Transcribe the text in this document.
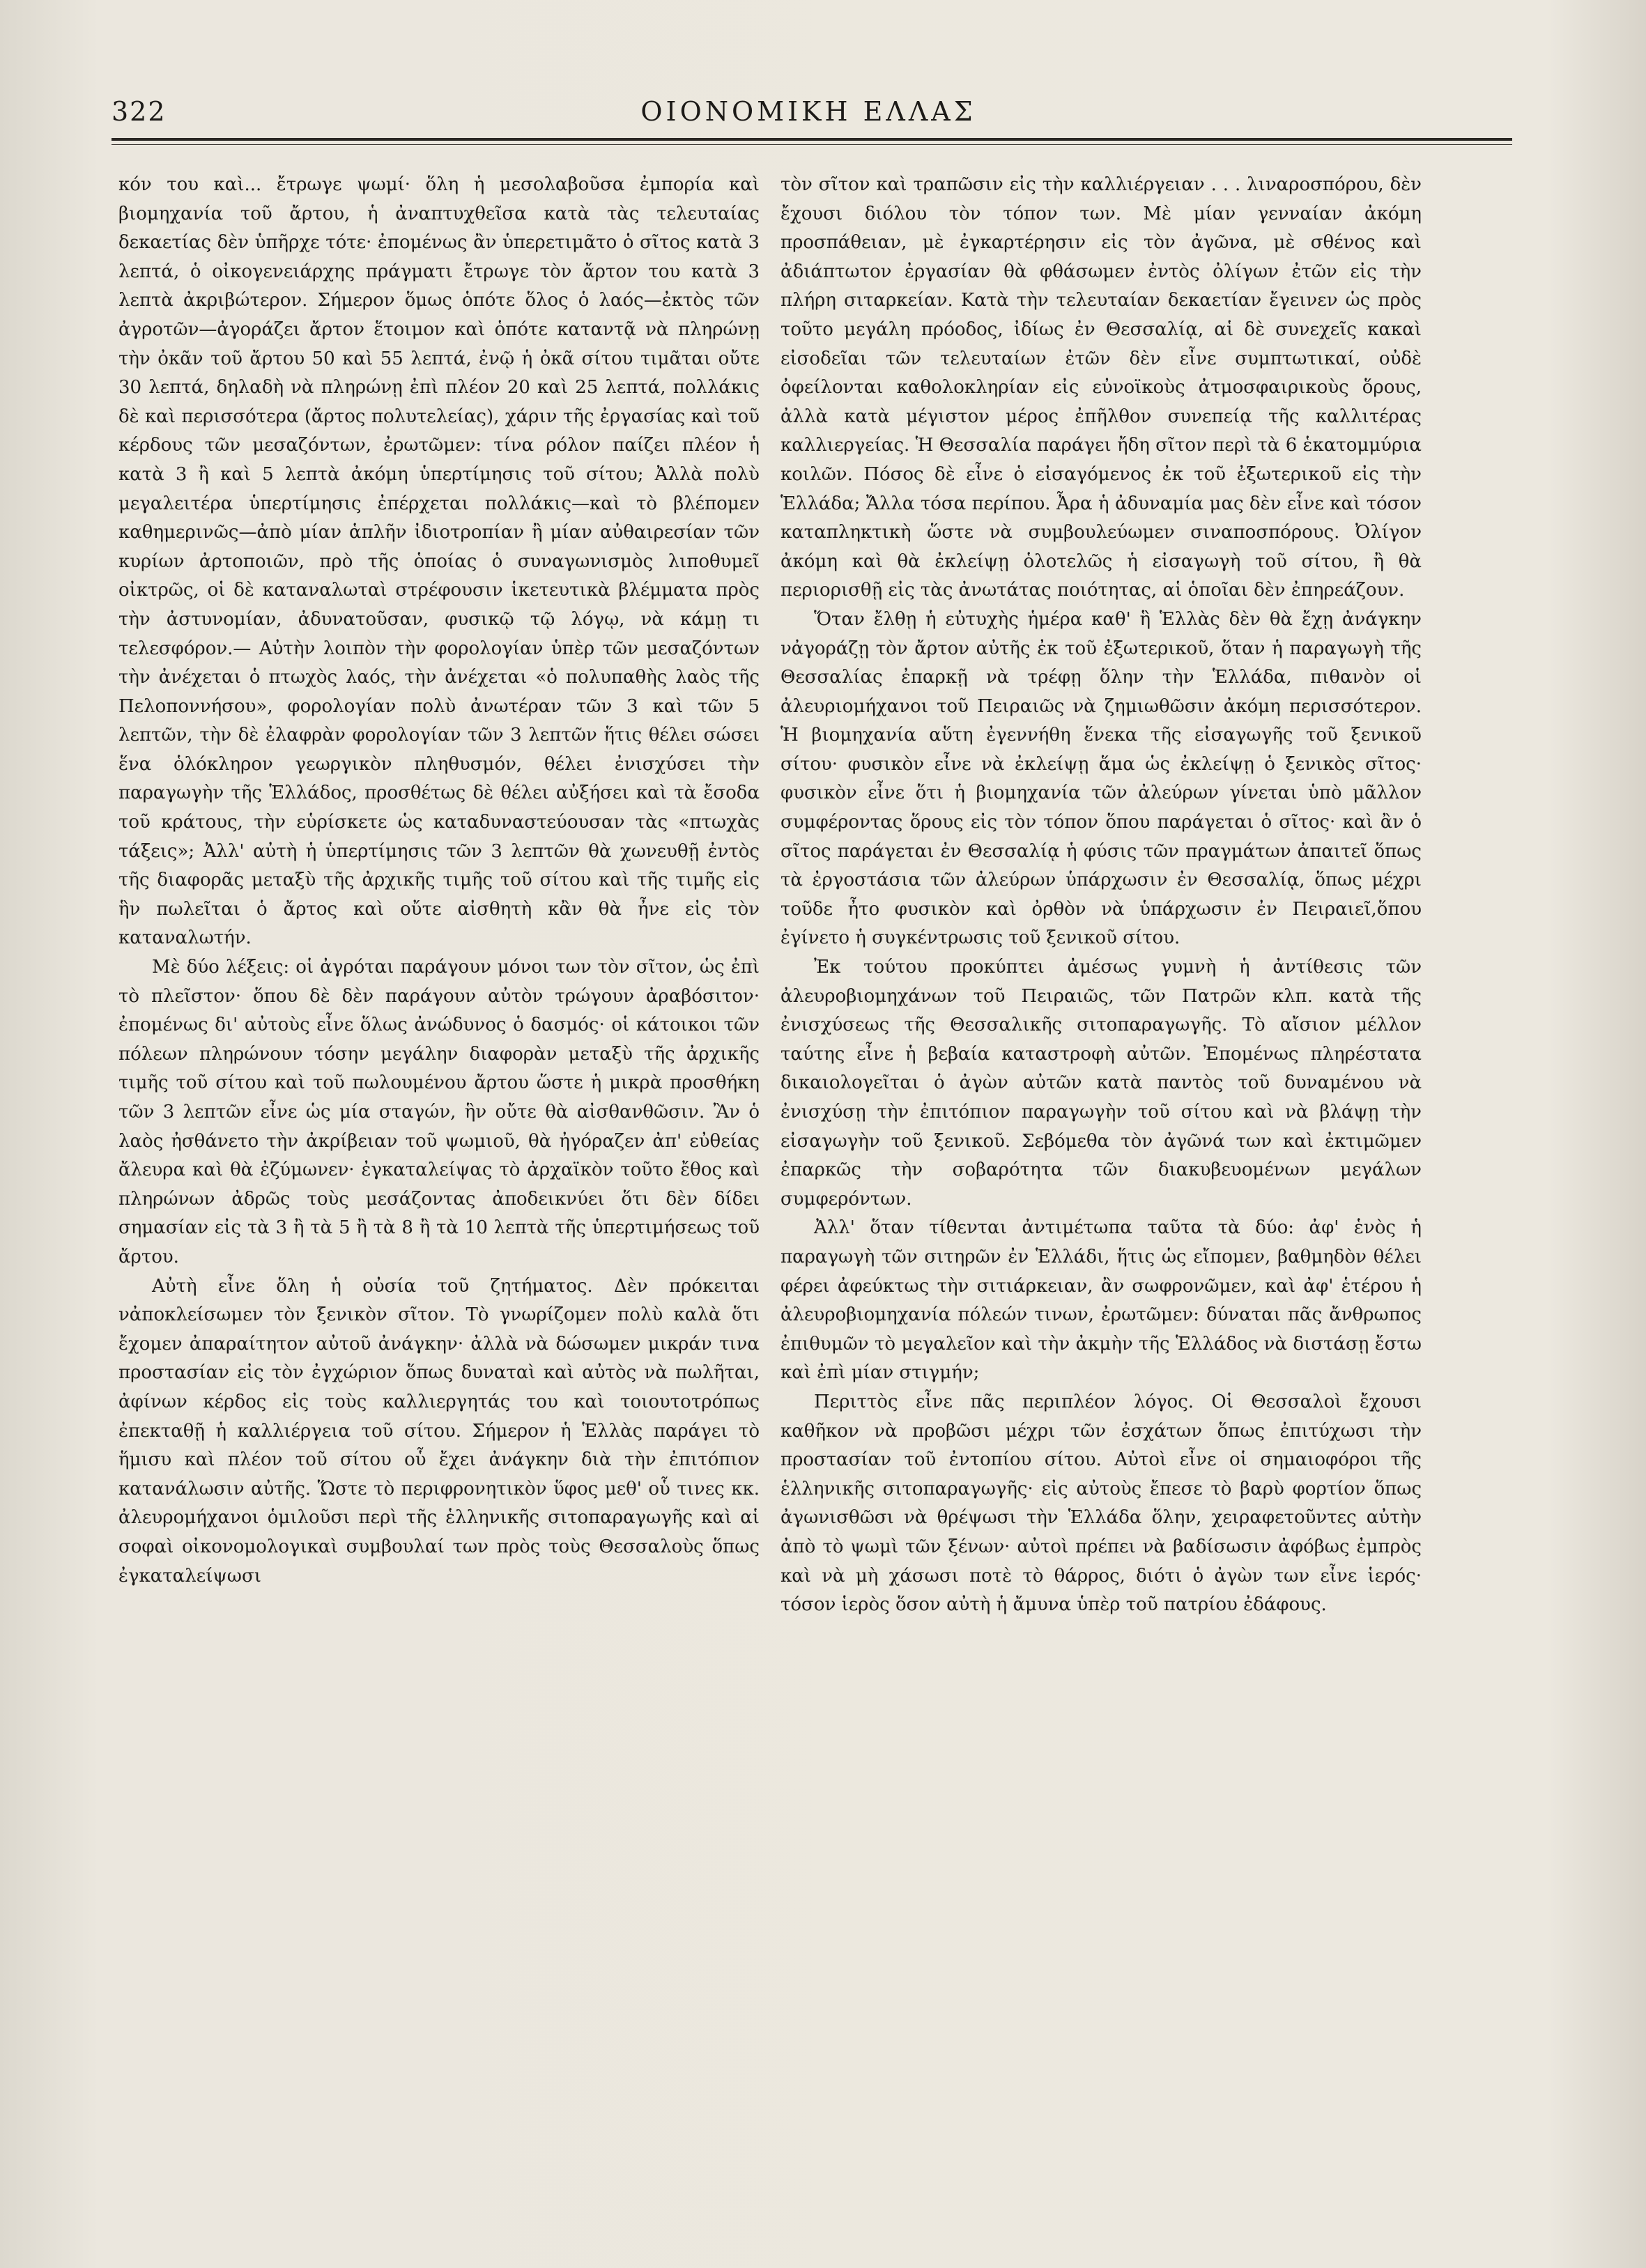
322	ΟΙΟΝΟΜΙΚΗ ΕΛΛΑΣ

κόν του καὶ... ἔτρωγε ψωμί· ὅλη ἡ μεσολαβοῦσα ἐμπορία καὶ βιομηχανία τοῦ ἄρτου, ἡ ἀναπτυχθεῖσα κατὰ τὰς τελευταίας δεκαετίας δὲν ὑπῆρχε τότε· ἐπομένως ἂν ὑπερετιμᾶτο ὁ σῖτος κατὰ 3 λεπτά, ὁ οἰκογενειάρχης πράγματι ἔτρωγε τὸν ἄρτον του κατὰ 3 λεπτὰ ἀκριβώτερον. Σήμερον ὅμως ὁπότε ὅλος ὁ λαός—ἐκτὸς τῶν ἀγροτῶν—ἀγοράζει ἄρτον ἕτοιμον καὶ ὁπότε καταντᾷ νὰ πληρώνῃ τὴν ὀκᾶν τοῦ ἄρτου 50 καὶ 55 λεπτά, ἐνῷ ἡ ὀκᾶ σίτου τιμᾶται οὔτε 30 λεπτά, δηλαδὴ νὰ πληρώνῃ ἐπὶ πλέον 20 καὶ 25 λεπτά, πολλάκις δὲ καὶ περισσότερα (ἄρτος πολυτελείας), χάριν τῆς ἐργασίας καὶ τοῦ κέρδους τῶν μεσαζόντων, ἐρωτῶμεν: τίνα ρόλον παίζει πλέον ἡ κατὰ 3 ἢ καὶ 5 λεπτὰ ἀκόμη ὑπερτίμησις τοῦ σίτου; Ἀλλὰ πολὺ μεγαλειτέρα ὑπερτίμησις ἐπέρχεται πολλάκις—καὶ τὸ βλέπομεν καθημερινῶς—ἀπὸ μίαν ἁπλῆν ἰδιοτροπίαν ἢ μίαν αὐθαιρεσίαν τῶν κυρίων ἀρτοποιῶν, πρὸ τῆς ὁποίας ὁ συναγωνισμὸς λιποθυμεῖ οἰκτρῶς, οἱ δὲ καταναλωταὶ στρέφουσιν ἱκετευτικὰ βλέμματα πρὸς τὴν ἀστυνομίαν, ἀδυνατοῦσαν, φυσικῷ τῷ λόγῳ, νὰ κάμῃ τι τελεσφόρον.— Αὐτὴν λοιπὸν τὴν φορολογίαν ὑπὲρ τῶν μεσαζόντων τὴν ἀνέχεται ὁ πτωχὸς λαός, τὴν ἀνέχεται «ὁ πολυπαθὴς λαὸς τῆς Πελοποννήσου», φορολογίαν πολὺ ἀνωτέραν τῶν 3 καὶ τῶν 5 λεπτῶν, τὴν δὲ ἐλαφρὰν φορολογίαν τῶν 3 λεπτῶν ἥτις θέλει σώσει ἕνα ὁλόκληρον γεωργικὸν πληθυσμόν, θέλει ἐνισχύσει τὴν παραγωγὴν τῆς Ἑλλάδος, προσθέτως δὲ θέλει αὐξήσει καὶ τὰ ἔσοδα τοῦ κράτους, τὴν εὑρίσκετε ὡς καταδυναστεύουσαν τὰς «πτωχὰς τάξεις»; Ἀλλ' αὐτὴ ἡ ὑπερτίμησις τῶν 3 λεπτῶν θὰ χωνευθῇ ἐντὸς τῆς διαφορᾶς μεταξὺ τῆς ἀρχικῆς τιμῆς τοῦ σίτου καὶ τῆς τιμῆς εἰς ἣν πωλεῖται ὁ ἄρτος καὶ οὔτε αἰσθητὴ κἂν θὰ ἦνε εἰς τὸν καταναλωτήν.

Μὲ δύο λέξεις: οἱ ἀγρόται παράγουν μόνοι των τὸν σῖτον, ὡς ἐπὶ τὸ πλεῖστον· ὅπου δὲ δὲν παράγουν αὐτὸν τρώγουν ἀραβόσιτον· ἐπομένως δι' αὐτοὺς εἶνε ὅλως ἀνώδυνος ὁ δασμός· οἱ κάτοικοι τῶν πόλεων πληρώνουν τόσην μεγάλην διαφορὰν μεταξὺ τῆς ἀρχικῆς τιμῆς τοῦ σίτου καὶ τοῦ πωλουμένου ἄρτου ὥστε ἡ μικρὰ προσθήκη τῶν 3 λεπτῶν εἶνε ὡς μία σταγών, ἣν οὔτε θὰ αἰσθανθῶσιν. Ἂν ὁ λαὸς ἠσθάνετο τὴν ἀκρίβειαν τοῦ ψωμιοῦ, θὰ ἠγόραζεν ἀπ' εὐθείας ἄλευρα καὶ θὰ ἐζύμωνεν· ἐγκαταλείψας τὸ ἀρχαϊκὸν τοῦτο ἔθος καὶ πληρώνων ἀδρῶς τοὺς μεσάζοντας ἀποδεικνύει ὅτι δὲν δίδει σημασίαν εἰς τὰ 3 ἢ τὰ 5 ἢ τὰ 8 ἢ τὰ 10 λεπτὰ τῆς ὑπερτιμήσεως τοῦ ἄρτου.

Αὐτὴ εἶνε ὅλη ἡ οὐσία τοῦ ζητήματος. Δὲν πρόκειται νἀποκλείσωμεν τὸν ξενικὸν σῖτον. Τὸ γνωρίζομεν πολὺ καλὰ ὅτι ἔχομεν ἀπαραίτητον αὐτοῦ ἀνάγκην· ἀλλὰ νὰ δώσωμεν μικράν τινα προστασίαν εἰς τὸν ἐγχώριον ὅπως δυναταὶ καὶ αὐτὸς νὰ πωλῆται, ἀφίνων κέρδος εἰς τοὺς καλλιεργητάς του καὶ τοιουτοτρόπως ἐπεκταθῇ ἡ καλλιέργεια τοῦ σίτου. Σήμερον ἡ Ἑλλὰς παράγει τὸ ἥμισυ καὶ πλέον τοῦ σίτου οὗ ἔχει ἀνάγκην διὰ τὴν ἐπιτόπιον κατανάλωσιν αὐτῆς. Ὥστε τὸ περιφρονητικὸν ὕφος μεθ' οὗ τινες κκ. ἀλευρομήχανοι ὁμιλοῦσι περὶ τῆς ἑλληνικῆς σιτοπαραγωγῆς καὶ αἱ σοφαὶ οἰκονομολογικαὶ συμβουλαί των πρὸς τοὺς Θεσσαλοὺς ὅπως ἐγκαταλείψωσι

τὸν σῖτον καὶ τραπῶσιν εἰς τὴν καλλιέργειαν . . . λιναροσπόρου, δὲν ἔχουσι διόλου τὸν τόπον των. Μὲ μίαν γενναίαν ἀκόμη προσπάθειαν, μὲ ἐγκαρτέρησιν εἰς τὸν ἀγῶνα, μὲ σθένος καὶ ἀδιάπτωτον ἐργασίαν θὰ φθάσωμεν ἐντὸς ὀλίγων ἐτῶν εἰς τὴν πλήρη σιταρκείαν. Κατὰ τὴν τελευταίαν δεκαετίαν ἔγεινεν ὡς πρὸς τοῦτο μεγάλη πρόοδος, ἰδίως ἐν Θεσσαλίᾳ, αἱ δὲ συνεχεῖς κακαὶ εἰσοδεῖαι τῶν τελευταίων ἐτῶν δὲν εἶνε συμπτωτικαί, οὐδὲ ὀφείλονται καθολοκληρίαν εἰς εὐνοϊκοὺς ἀτμοσφαιρικοὺς ὅρους, ἀλλὰ κατὰ μέγιστον μέρος ἐπῆλθον συνεπείᾳ τῆς καλλιτέρας καλλιεργείας. Ἡ Θεσσαλία παράγει ἤδη σῖτον περὶ τὰ 6 ἑκατομμύρια κοιλῶν. Πόσος δὲ εἶνε ὁ εἰσαγόμενος ἐκ τοῦ ἐξωτερικοῦ εἰς τὴν Ἑλλάδα; Ἄλλα τόσα περίπου. Ἆρα ἡ ἀδυναμία μας δὲν εἶνε καὶ τόσον καταπληκτικὴ ὥστε νὰ συμβουλεύωμεν σιναποσπόρους. Ὀλίγον ἀκόμη καὶ θὰ ἐκλείψῃ ὁλοτελῶς ἡ εἰσαγωγὴ τοῦ σίτου, ἢ θὰ περιορισθῇ εἰς τὰς ἀνωτάτας ποιότητας, αἱ ὁποῖαι δὲν ἐπηρεάζουν.

Ὅταν ἔλθῃ ἡ εὐτυχὴς ἡμέρα καθ' ἣ Ἑλλὰς δὲν θὰ ἔχῃ ἀνάγκην νἀγοράζῃ τὸν ἄρτον αὐτῆς ἐκ τοῦ ἐξωτερικοῦ, ὅταν ἡ παραγωγὴ τῆς Θεσσαλίας ἐπαρκῇ νὰ τρέφῃ ὅλην τὴν Ἑλλάδα, πιθανὸν οἱ ἀλευριομήχανοι τοῦ Πειραιῶς νὰ ζημιωθῶσιν ἀκόμη περισσότερον. Ἡ βιομηχανία αὕτη ἐγεννήθη ἕνεκα τῆς εἰσαγωγῆς τοῦ ξενικοῦ σίτου· φυσικὸν εἶνε νὰ ἐκλείψῃ ἅμα ὡς ἐκλείψῃ ὁ ξενικὸς σῖτος· φυσικὸν εἶνε ὅτι ἡ βιομηχανία τῶν ἀλεύρων γίνεται ὑπὸ μᾶλλον συμφέροντας ὅρους εἰς τὸν τόπον ὅπου παράγεται ὁ σῖτος· καὶ ἂν ὁ σῖτος παράγεται ἐν Θεσσαλίᾳ ἡ φύσις τῶν πραγμάτων ἀπαιτεῖ ὅπως τὰ ἐργοστάσια τῶν ἀλεύρων ὑπάρχωσιν ἐν Θεσσαλίᾳ, ὅπως μέχρι τοῦδε ἦτο φυσικὸν καὶ ὀρθὸν νὰ ὑπάρχωσιν ἐν Πειραιεῖ,ὅπου ἐγίνετο ἡ συγκέντρωσις τοῦ ξενικοῦ σίτου.

Ἐκ τούτου προκύπτει ἀμέσως γυμνὴ ἡ ἀντίθεσις τῶν ἀλευροβιομηχάνων τοῦ Πειραιῶς, τῶν Πατρῶν κλπ. κατὰ τῆς ἐνισχύσεως τῆς Θεσσαλικῆς σιτοπαραγωγῆς. Τὸ αἴσιον μέλλον ταύτης εἶνε ἡ βεβαία καταστροφὴ αὐτῶν. Ἐπομένως πληρέστατα δικαιολογεῖται ὁ ἀγὼν αὐτῶν κατὰ παντὸς τοῦ δυναμένου νὰ ἐνισχύσῃ τὴν ἐπιτόπιον παραγωγὴν τοῦ σίτου καὶ νὰ βλάψῃ τὴν εἰσαγωγὴν τοῦ ξενικοῦ. Σεβόμεθα τὸν ἀγῶνά των καὶ ἐκτιμῶμεν ἐπαρκῶς τὴν σοβαρότητα τῶν διακυβευομένων μεγάλων συμφερόντων.

Ἀλλ' ὅταν τίθενται ἀντιμέτωπα ταῦτα τὰ δύο: ἀφ' ἑνὸς ἡ παραγωγὴ τῶν σιτηρῶν ἐν Ἑλλάδι, ἥτις ὡς εἴπομεν, βαθμηδὸν θέλει φέρει ἀφεύκτως τὴν σιτιάρκειαν, ἂν σωφρονῶμεν, καὶ ἀφ' ἑτέρου ἡ ἀλευροβιομηχανία πόλεών τινων, ἐρωτῶμεν: δύναται πᾶς ἄνθρωπος ἐπιθυμῶν τὸ μεγαλεῖον καὶ τὴν ἀκμὴν τῆς Ἑλλάδος νὰ διστάσῃ ἔστω καὶ ἐπὶ μίαν στιγμήν;

Περιττὸς εἶνε πᾶς περιπλέον λόγος. Οἱ Θεσσαλοὶ ἔχουσι καθῆκον νὰ προβῶσι μέχρι τῶν ἐσχάτων ὅπως ἐπιτύχωσι τὴν προστασίαν τοῦ ἐντοπίου σίτου. Αὐτοὶ εἶνε οἱ σημαιοφόροι τῆς ἑλληνικῆς σιτοπαραγωγῆς· εἰς αὐτοὺς ἔπεσε τὸ βαρὺ φορτίον ὅπως ἀγωνισθῶσι νὰ θρέψωσι τὴν Ἑλλάδα ὅλην, χειραφετοῦντες αὐτὴν ἀπὸ τὸ ψωμὶ τῶν ξένων· αὐτοὶ πρέπει νὰ βαδίσωσιν ἀφόβως ἐμπρὸς καὶ νὰ μὴ χάσωσι ποτὲ τὸ θάρρος, διότι ὁ ἀγὼν των εἶνε ἱερός· τόσον ἱερὸς ὅσον αὐτὴ ἡ ἄμυνα ὑπὲρ τοῦ πατρίου ἐδάφους.
